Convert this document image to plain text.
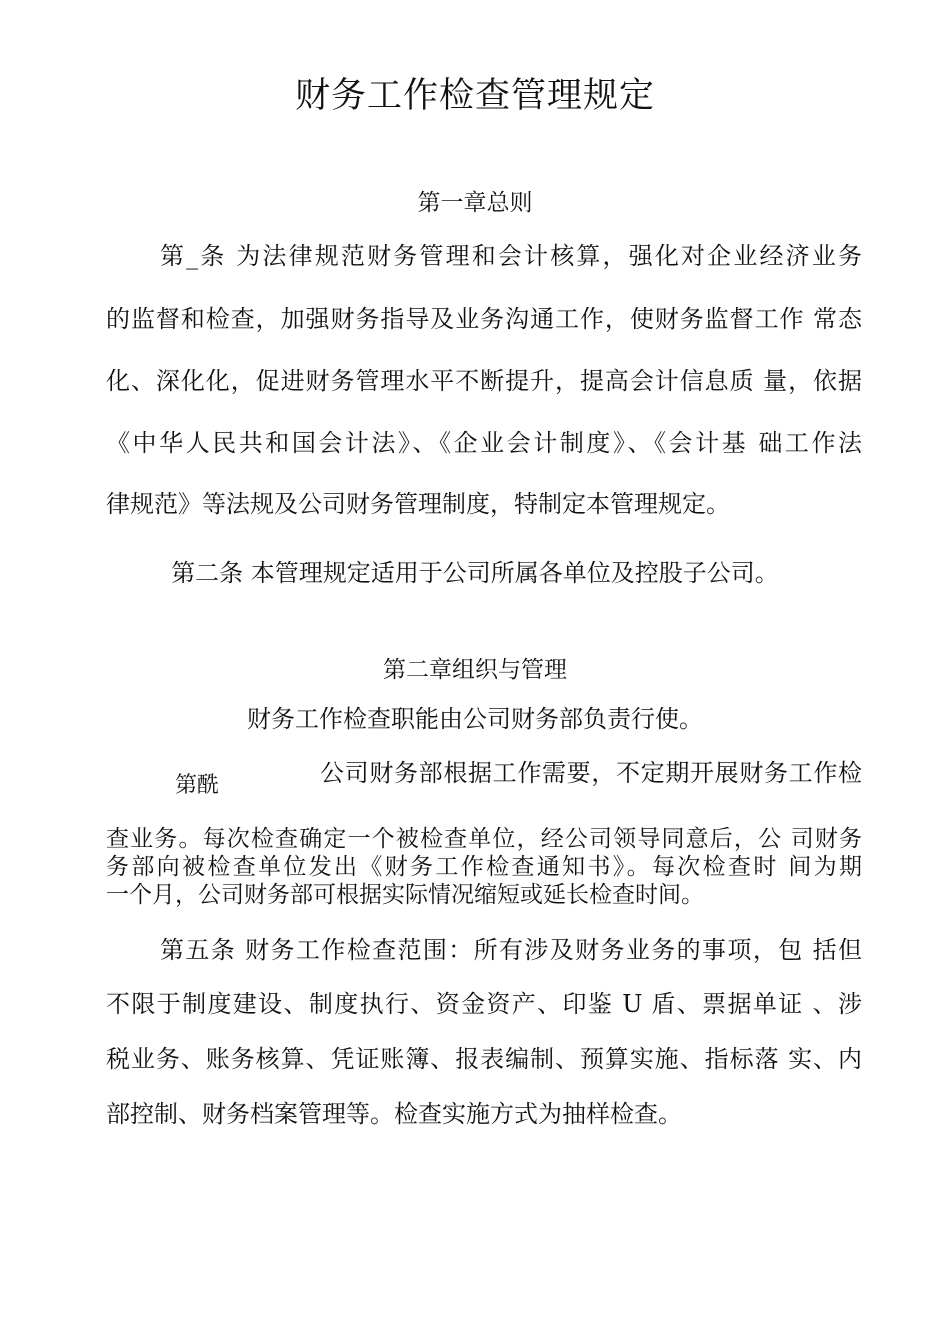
财务工作检查管理规定
第一章总则
第_条 为法律规范财务管理和会计核算，强化对企业经济业务
的监督和检查，加强财务指导及业务沟通工作，使财务监督工作 常态
化、深化化，促进财务管理水平不断提升，提高会计信息质 量，依据
《中华人民共和国会计法》、《企业会计制度》、《会计基 础工作法
律规范》等法规及公司财务管理制度，特制定本管理规定。
第二条 本管理规定适用于公司所属各单位及控股子公司。
第二章组织与管理
财务工作检查职能由公司财务部负责行使。
第酰	公司财务部根据工作需要，不定期开展财务工作检
查业务。每次检查确定一个被检查单位，经公司领导同意后，公 司财务
务部向被检查单位发出《财务工作检查通知书》。每次检查时 间为期
一个月，公司财务部可根据实际情况缩短或延长检查时间。
第五条 财务工作检查范围：所有涉及财务业务的事项，包 括但
不限于制度建设、制度执行、资金资产、印鉴 U 盾、票据单证 、涉
税业务、账务核算、凭证账簿、报表编制、预算实施、指标落 实、内
部控制、财务档案管理等。检查实施方式为抽样检查。
